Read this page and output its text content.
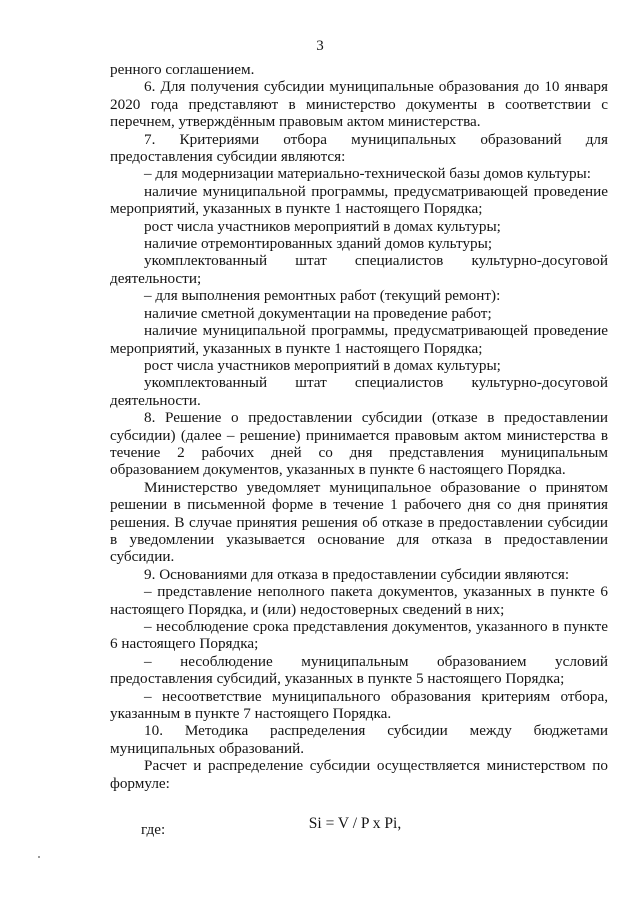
3

ренного соглашением.

6. Для получения субсидии муниципальные образования до 10 января 2020 года представляют в министерство документы в соответствии с перечнем, утверждённым правовым актом министерства.

7. Критериями отбора муниципальных образований для предоставления субсидии являются:

– для модернизации материально-технической базы домов культуры:

наличие муниципальной программы, предусматривающей проведение мероприятий, указанных в пункте 1 настоящего Порядка;

рост числа участников мероприятий в домах культуры;

наличие отремонтированных зданий домов культуры;

укомплектованный штат специалистов культурно-досуговой деятельности;

– для выполнения ремонтных работ (текущий ремонт):

наличие сметной документации на проведение работ;

наличие муниципальной программы, предусматривающей проведение мероприятий, указанных в пункте 1 настоящего Порядка;

рост числа участников мероприятий в домах культуры;

укомплектованный штат специалистов культурно-досуговой деятельности.

8. Решение о предоставлении субсидии (отказе в предоставлении субсидии) (далее – решение) принимается правовым актом министерства в течение 2 рабочих дней со дня представления муниципальным образованием документов, указанных в пункте 6 настоящего Порядка.

Министерство уведомляет муниципальное образование о принятом решении в письменной форме в течение 1 рабочего дня со дня принятия решения. В случае принятия решения об отказе в предоставлении субсидии в уведомлении указывается основание для отказа в предоставлении субсидии.

9. Основаниями для отказа в предоставлении субсидии являются:

– представление неполного пакета документов, указанных в пункте 6 настоящего Порядка, и (или) недостоверных сведений в них;

– несоблюдение срока представления документов, указанного в пункте 6 настоящего Порядка;

– несоблюдение муниципальным образованием условий предоставления субсидий, указанных в пункте 5 настоящего Порядка;

– несоответствие муниципального образования критериям отбора, указанным в пункте 7 настоящего Порядка.

10. Методика распределения субсидии между бюджетами муниципальных образований.

Расчет и распределение субсидии осуществляется министерством по формуле:

Si = V / P x Pi,
где:
